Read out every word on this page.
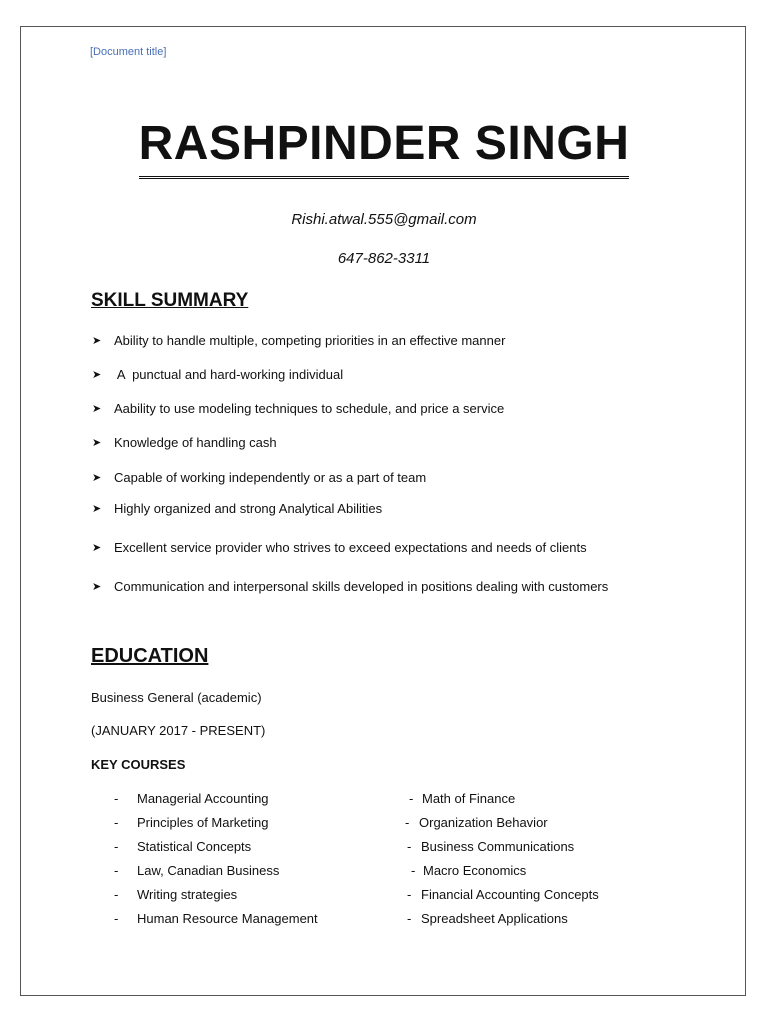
[Document title]
RASHPINDER SINGH
Rishi.atwal.555@gmail.com
647-862-3311
SKILL SUMMARY
➤ Ability to handle multiple, competing priorities in an effective manner
➤ A  punctual and hard-working individual
➤ Aability to use modeling techniques to schedule, and price a service
➤ Knowledge of handling cash
➤ Capable of working independently or as a part of team
➤ Highly organized and strong Analytical Abilities
➤ Excellent service provider who strives to exceed expectations and needs of clients
➤ Communication and interpersonal skills developed in positions dealing with customers
EDUCATION
Business General (academic)
(JANUARY 2017 - PRESENT)
KEY COURSES
- Managerial Accounting
- Principles of Marketing
- Statistical Concepts
- Law, Canadian Business
- Writing strategies
- Human Resource Management
- Math of Finance
- Organization Behavior
- Business Communications
- Macro Economics
- Financial Accounting Concepts
- Spreadsheet Applications
